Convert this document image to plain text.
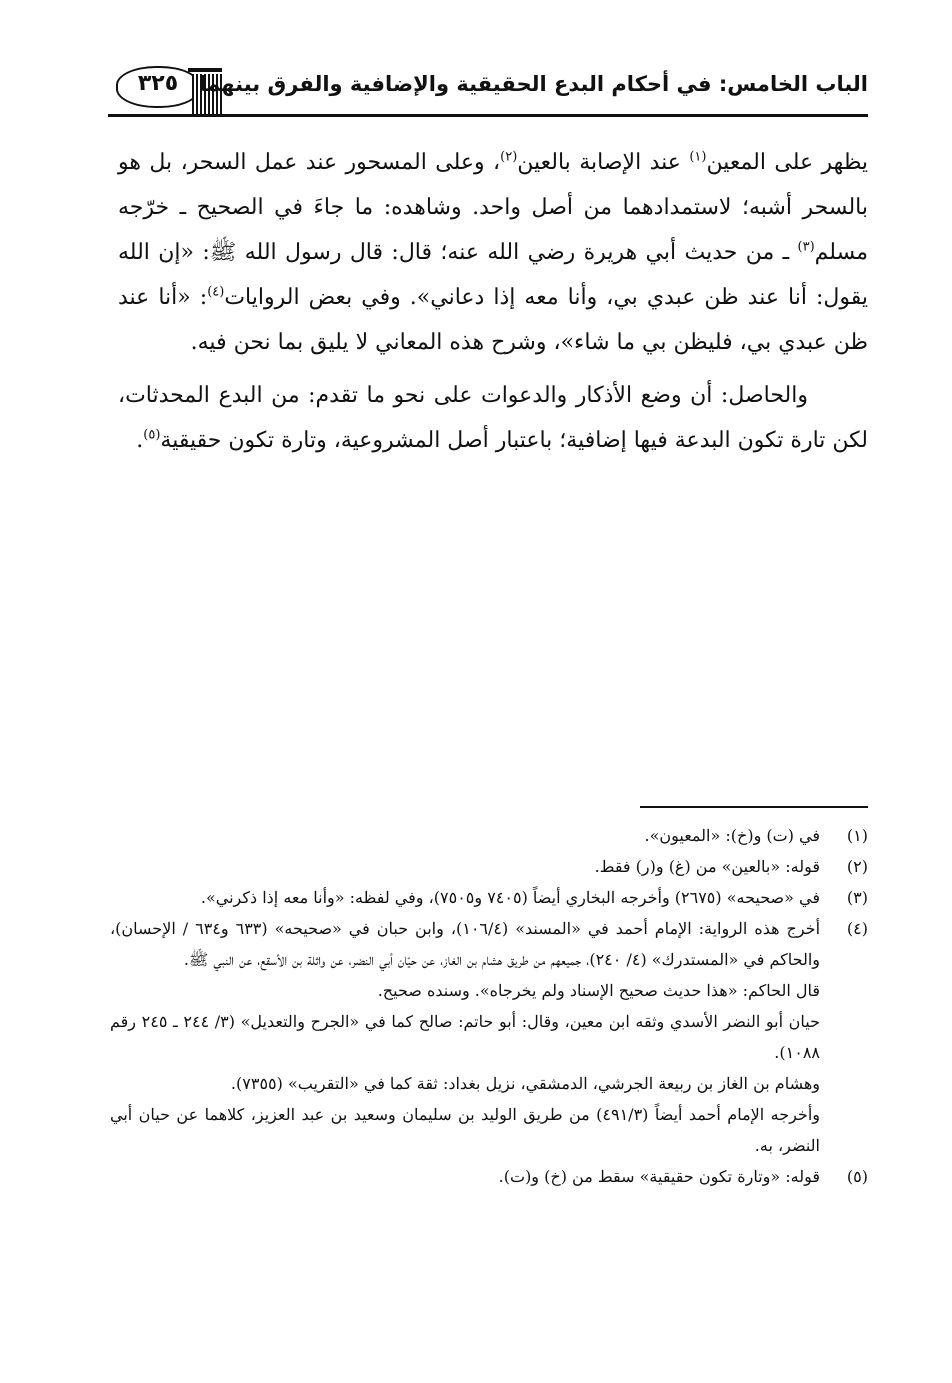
٣٢٥	الباب الخامس: في أحكام البدع الحقيقية والإضافية والفرق بينهما

يظهر على المعين$^{(١)}$ عند الإصابة بالعين$^{(٢)}$، وعلى المسحور عند عمل السحر، بل هو بالسحر أشبه؛ لاستمدادهما من أصل واحد. وشاهده: ما جاءَ في الصحيح ـ خرّجه مسلم$^{(٣)}$ ـ من حديث أبي هريرة رضي الله عنه؛ قال: قال رسول الله ﷺ: «إن الله يقول: أنا عند ظن عبدي بي، وأنا معه إذا دعاني». وفي بعض الروايات$^{(٤)}$: «أنا عند ظن عبدي بي، فليظن بي ما شاء»، وشرح هذه المعاني لا يليق بما نحن فيه.

والحاصل: أن وضع الأذكار والدعوات على نحو ما تقدم: من البدع المحدثات، لكن تارة تكون البدعة فيها إضافية؛ باعتبار أصل المشروعية، وتارة تكون حقيقية$^{(٥)}$.

(١)
في (ت) و(خ): «المعيون».
(٢)
قوله: «بالعين» من (غ) و(ر) فقط.
(٣)
في «صحيحه» (٢٦٧٥) وأخرجه البخاري أيضاً (٧٤٠٥ و٧٥٠٥)، وفي لفظه: «وأنا معه إذا ذكرني».
(٤)
أخرج هذه الرواية: الإمام أحمد في «المسند» (١٠٦/٤)، وابن حبان في «صحيحه» (٦٣٣ و٦٣٤ / الإحسان)، والحاكم في «المستدرك» (٤/ ٢٤٠)، جميعهم من طريق هشام بن الغاز، عن حيّان أبي النضر، عن واثلة بن الأسقع، عن النبي ﷺ.
قال الحاكم: «هذا حديث صحيح الإسناد ولم يخرجاه». وسنده صحيح.
حيان أبو النضر الأسدي وثقه ابن معين، وقال: أبو حاتم: صالح كما في «الجرح والتعديل» (٣/ ٢٤٤ ـ ٢٤٥ رقم ١٠٨٨).
وهشام بن الغاز بن ربيعة الجرشي، الدمشقي، نزيل بغداد: ثقة كما في «التقريب» (٧٣٥٥).
وأخرجه الإمام أحمد أيضاً (٤٩١/٣) من طريق الوليد بن سليمان وسعيد بن عبد العزيز، كلاهما عن حيان أبي النضر، به.
(٥)
قوله: «وتارة تكون حقيقية» سقط من (خ) و(ت).
